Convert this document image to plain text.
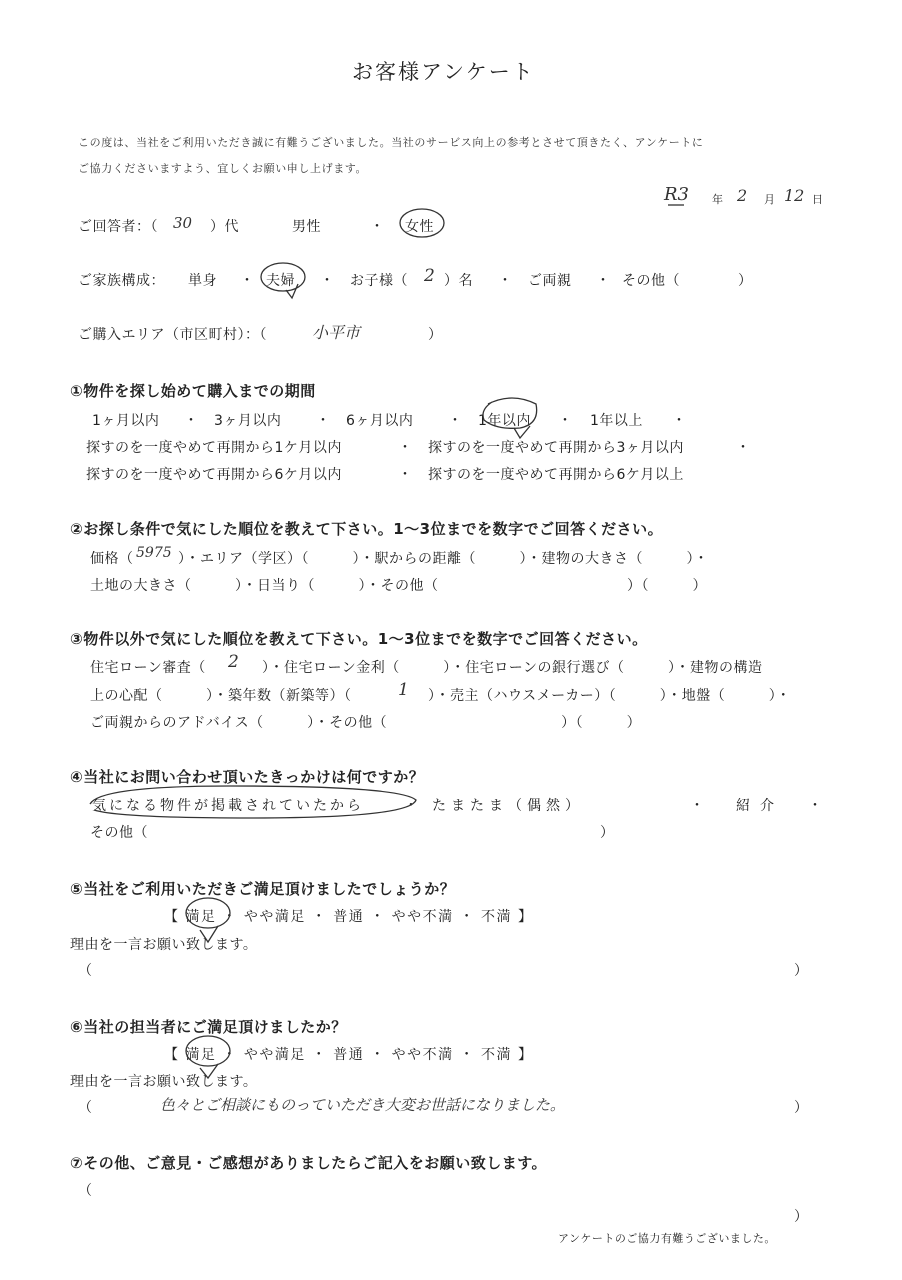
お客様アンケート
この度は、当社をご利用いただき誠に有難うございました。当社のサービス向上の参考とさせて頂きたく、アンケートに
ご協力くださいますよう、宜しくお願い申し上げます。
R3 年 2 月 12 日
ご回答者：（ 30 ）代	男性	・ 女性
ご家族構成： 単身 ・ 夫婦 ・ お子様（ 2 ）名 ・ ご両親 ・ その他（　　　　）
ご購入エリア（市区町村）：（	小平市	）
①物件を探し始めて購入までの期間
1ヶ月以内 ・ 3ヶ月以内 ・ 6ヶ月以内 ・ 1年以内 ・ 1年以上 ・
探すのを一度やめて再開から1ケ月以内	・ 探すのを一度やめて再開から3ヶ月以内	・
探すのを一度やめて再開から6ケ月以内	・ 探すのを一度やめて再開から6ケ月以上
②お探し条件で気にした順位を教えて下さい。1～3位までを数字でご回答ください。
価格（ 5975 ）・エリア（学区）（　　　）・駅からの距離（　　　）・建物の大きさ（　　　）・
土地の大きさ（　　　）・日当り（　　　）・その他（　　　　　　　　　　　　　）（　　　）
③物件以外で気にした順位を教えて下さい。1～3位までを数字でご回答ください。
住宅ローン審査（ 2 ）・住宅ローン金利（　　　）・住宅ローンの銀行選び（　　　）・建物の構造
上の心配（　　　）・築年数（新築等）（	1 ）・売主（ハウスメーカー）（　　　）・地盤（　　　）・
ご両親からのアドバイス（　　　）・その他（　　　　　　　　　　　　）（　　　）
④当社にお問い合わせ頂いたきっかけは何ですか？
気になる物件が掲載されていたから	・ たまたま（偶然）	・ 紹介 ・
その他（	）
⑤当社をご利用いただきご満足頂けましたでしょうか？
【 満足 ・ やや満足 ・ 普通 ・ やや不満 ・ 不満 】
理由を一言お願い致します。
（	）
⑥当社の担当者にご満足頂けましたか？
【 満足 ・ やや満足 ・ 普通 ・ やや不満 ・ 不満 】
理由を一言お願い致します。
（	色々とご相談にものっていただき大変お世話になりました。	）
⑦その他、ご意見・ご感想がありましたらご記入をお願い致します。
（
）
アンケートのご協力有難うございました。
